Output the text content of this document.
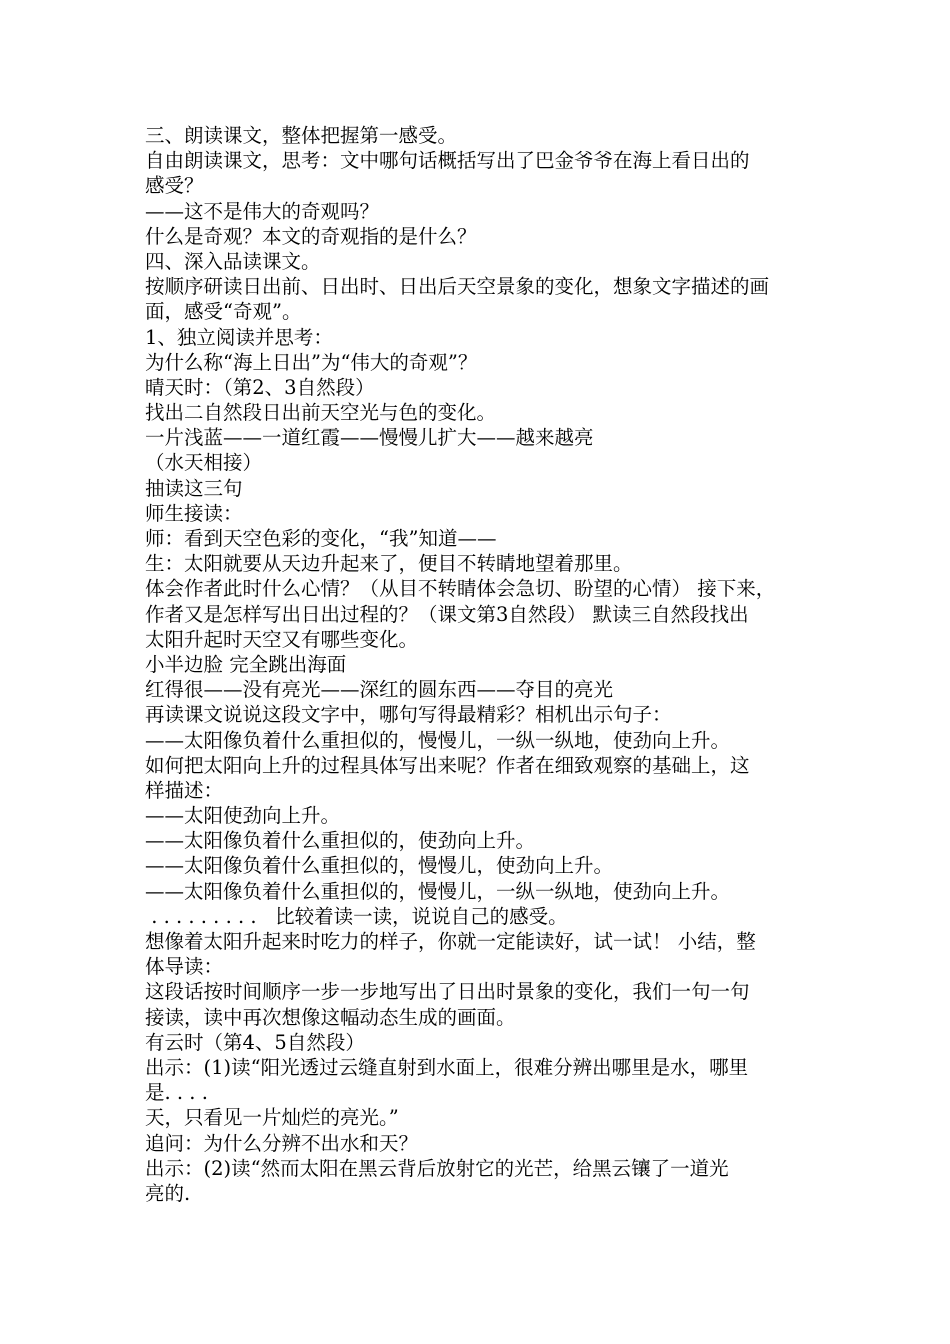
三、朗读课文，整体把握第一感受。
自由朗读课文，思考：文中哪句话概括写出了巴金爷爷在海上看日出的
感受？
——这不是伟大的奇观吗？
什么是奇观？本文的奇观指的是什么？
四、深入品读课文。
按顺序研读日出前、日出时、日出后天空景象的变化，想象文字描述的画
面，感受“奇观”。
1、独立阅读并思考：
为什么称“海上日出”为“伟大的奇观”？
晴天时：（第2、3自然段）
找出二自然段日出前天空光与色的变化。
一片浅蓝——一道红霞——慢慢儿扩大——越来越亮
（水天相接）
抽读这三句
师生接读：
师：看到天空色彩的变化，“我”知道——
生：太阳就要从天边升起来了，便目不转睛地望着那里。
体会作者此时什么心情？（从目不转睛体会急切、盼望的心情） 接下来，
作者又是怎样写出日出过程的？（课文第3自然段） 默读三自然段找出
太阳升起时天空又有哪些变化。
小半边脸 完全跳出海面
红得很——没有亮光——深红的圆东西——夺目的亮光
再读课文说说这段文字中，哪句写得最精彩？相机出示句子：
——太阳像负着什么重担似的，慢慢儿，一纵一纵地，使劲向上升。
如何把太阳向上升的过程具体写出来呢？作者在细致观察的基础上，这
样描述：
——太阳使劲向上升。
——太阳像负着什么重担似的，使劲向上升。
——太阳像负着什么重担似的，慢慢儿，使劲向上升。
——太阳像负着什么重担似的，慢慢儿，一纵一纵地，使劲向上升。
. . . . . . . . .   比较着读一读，说说自己的感受。
想像着太阳升起来时吃力的样子，你就一定能读好，试一试！ 小结，整
体导读：
这段话按时间顺序一步一步地写出了日出时景象的变化，我们一句一句
接读，读中再次想像这幅动态生成的画面。
有云时（第4、5自然段）
出示：(1)读“阳光透过云缝直射到水面上，很难分辨出哪里是水，哪里
是. . . .
天，只看见一片灿烂的亮光。”
追问：为什么分辨不出水和天？
出示：(2)读“然而太阳在黑云背后放射它的光芒，给黑云镶了一道光
亮的.
